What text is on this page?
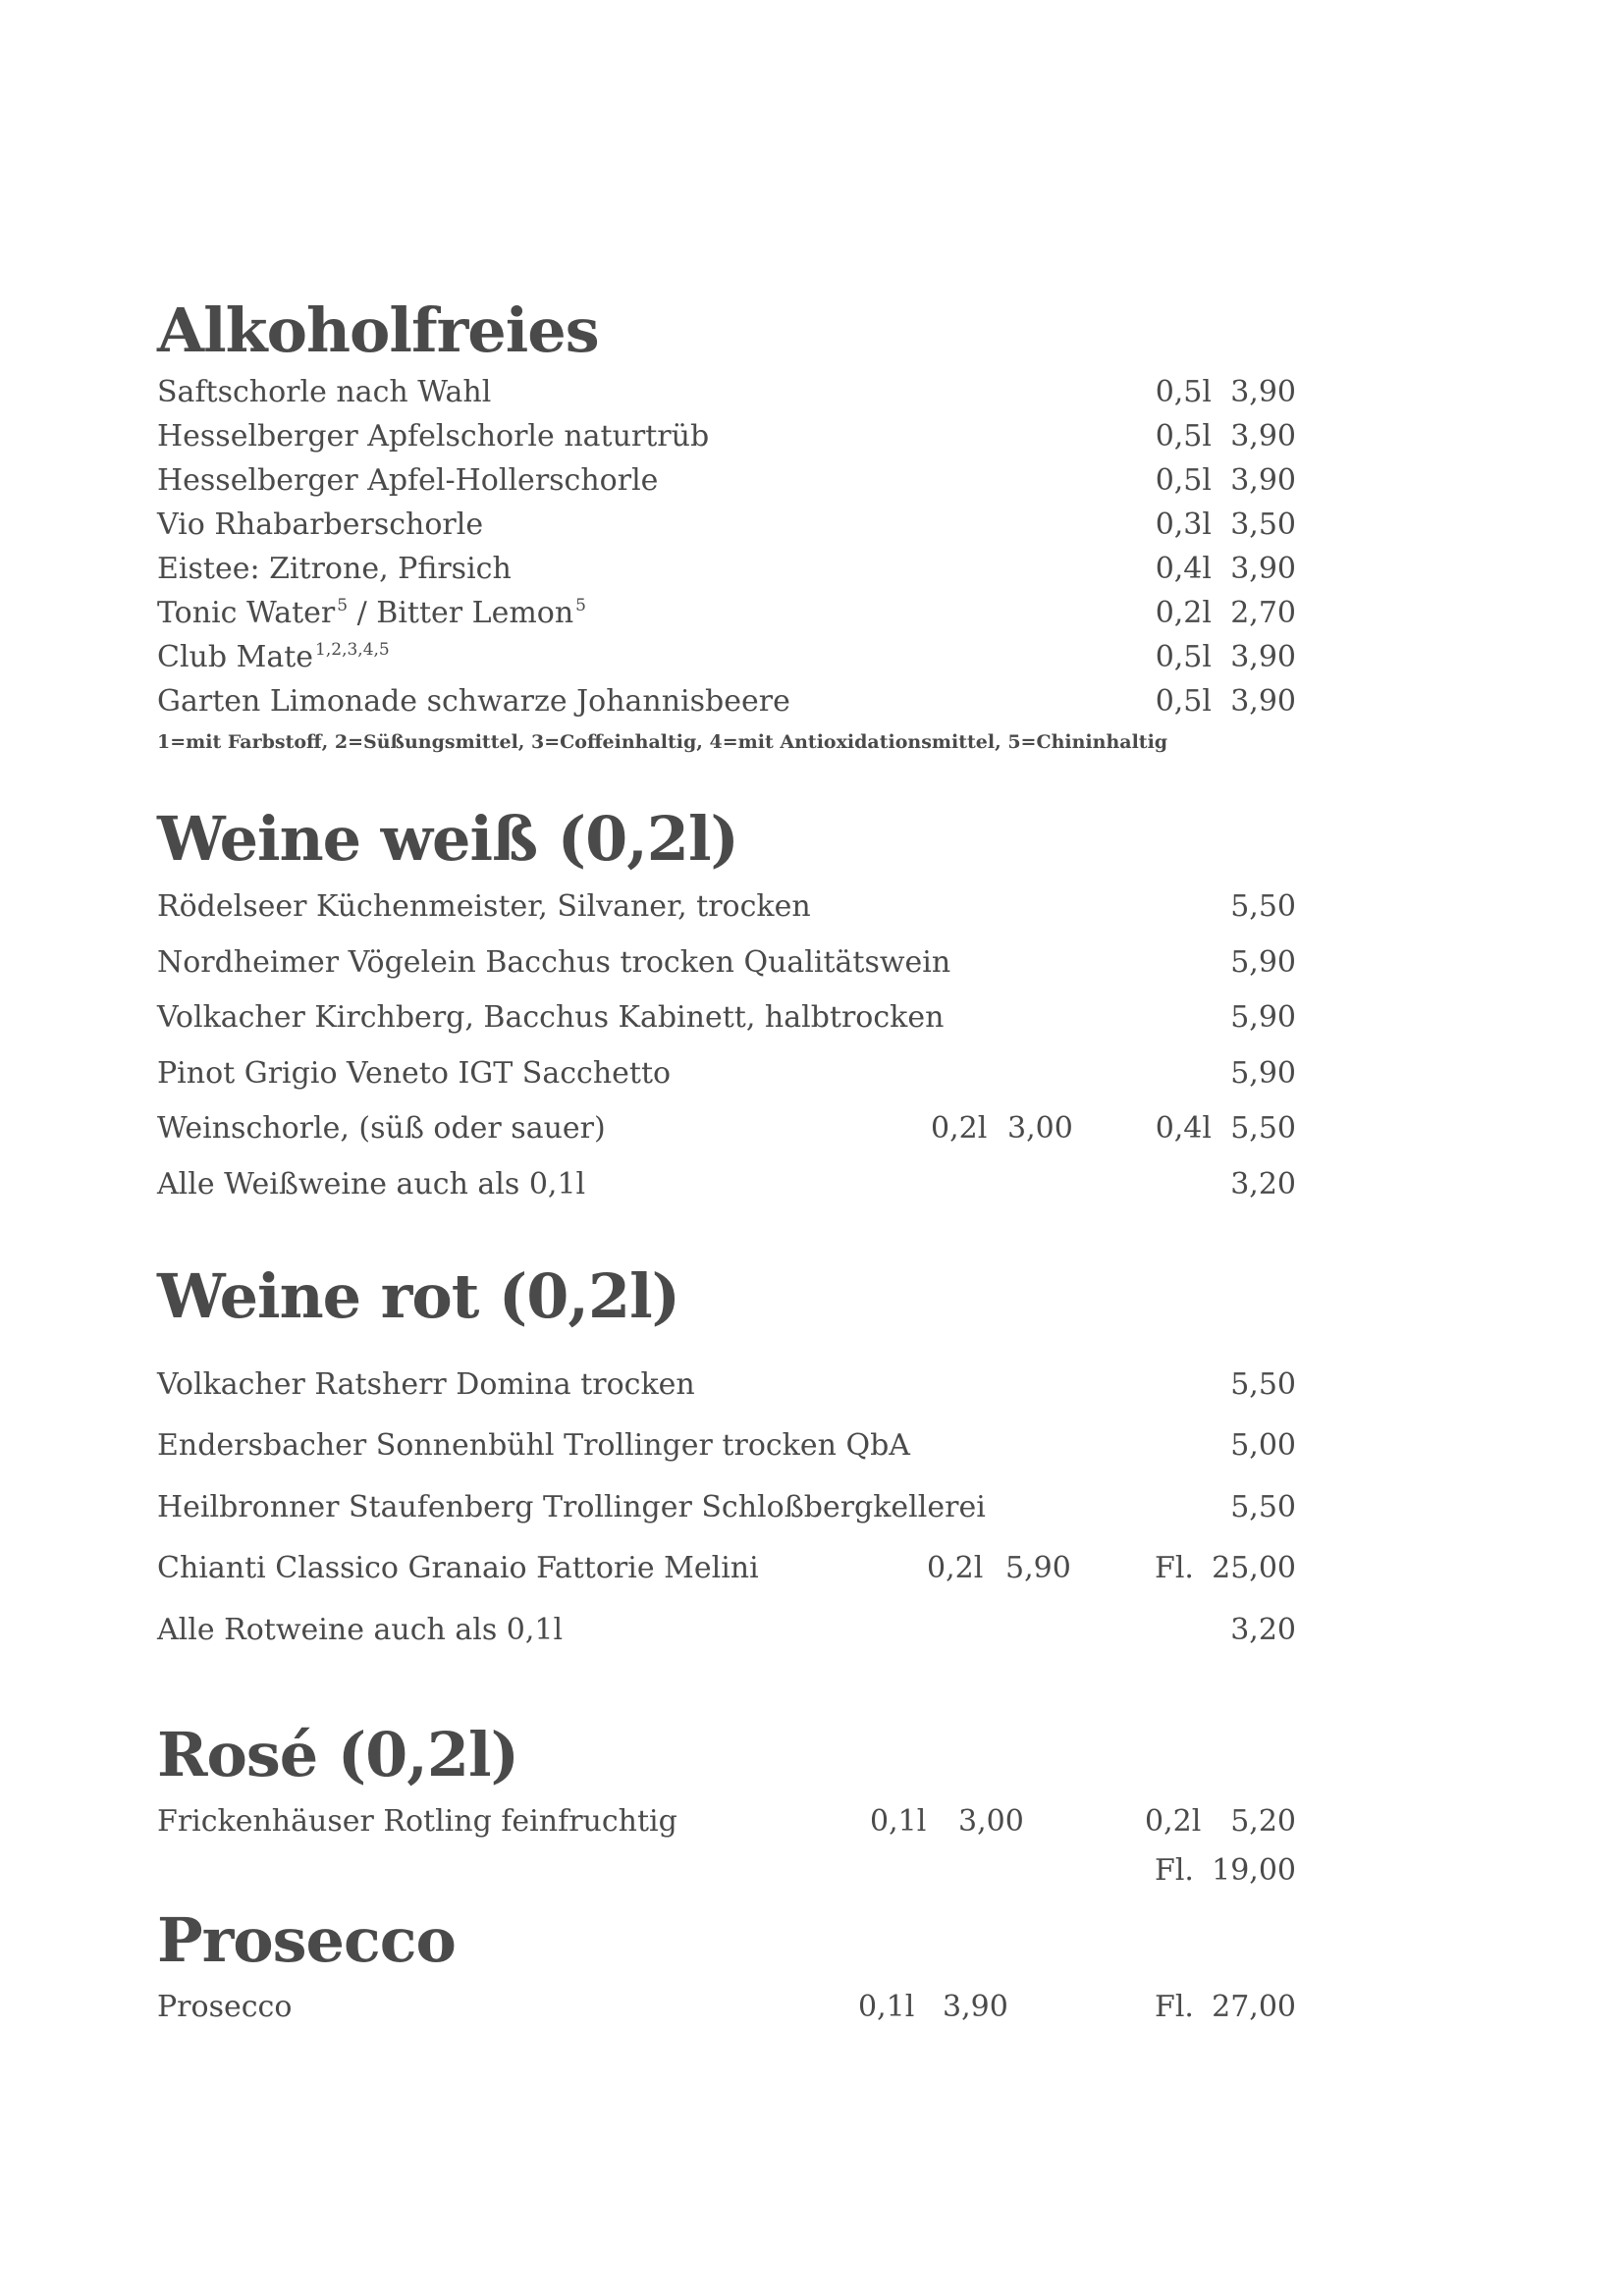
Alkoholfreies
Saftschorle nach Wahl	0,5l 3,90
Hesselberger Apfelschorle naturtrüb	0,5l 3,90
Hesselberger Apfel-Hollerschorle	0,5l 3,90
Vio Rhabarberschorle	0,3l 3,50
Eistee: Zitrone, Pfirsich	0,4l 3,90
Tonic Water $^5$ / Bitter Lemon $^5$	0,2l 2,70
Club Mate $^{1,2,3,4,5}$	0,5l 3,90
Garten Limonade schwarze Johannisbeere	0,5l 3,90
1=mit Farbstoff, 2=Süßungsmittel, 3=Coffeinhaltig, 4=mit Antioxidationsmittel, 5=Chininhaltig
Weine weiß (0,2l)
Rödelseer Küchenmeister, Silvaner, trocken	5,50
Nordheimer Vögelein Bacchus trocken Qualitätswein	5,90
Volkacher Kirchberg, Bacchus Kabinett, halbtrocken	5,90
Pinot Grigio Veneto IGT Sacchetto	5,90
Weinschorle, (süß oder sauer)	0,2l 3,00	0,4l 5,50
Alle Weißweine auch als 0,1l	3,20
Weine rot (0,2l)
Volkacher Ratsherr Domina trocken	5,50
Endersbacher Sonnenbühl Trollinger trocken QbA	5,00
Heilbronner Staufenberg Trollinger Schloßbergkellerei	5,50
Chianti Classico Granaio Fattorie Melini	0,2l 5,90	Fl. 25,00
Alle Rotweine auch als 0,1l	3,20
Rosé (0,2l)
Frickenhäuser Rotling feinfruchtig	0,1l 3,00	0,2l 5,20
Fl. 19,00
Prosecco
Prosecco	0,1l 3,90	Fl. 27,00
